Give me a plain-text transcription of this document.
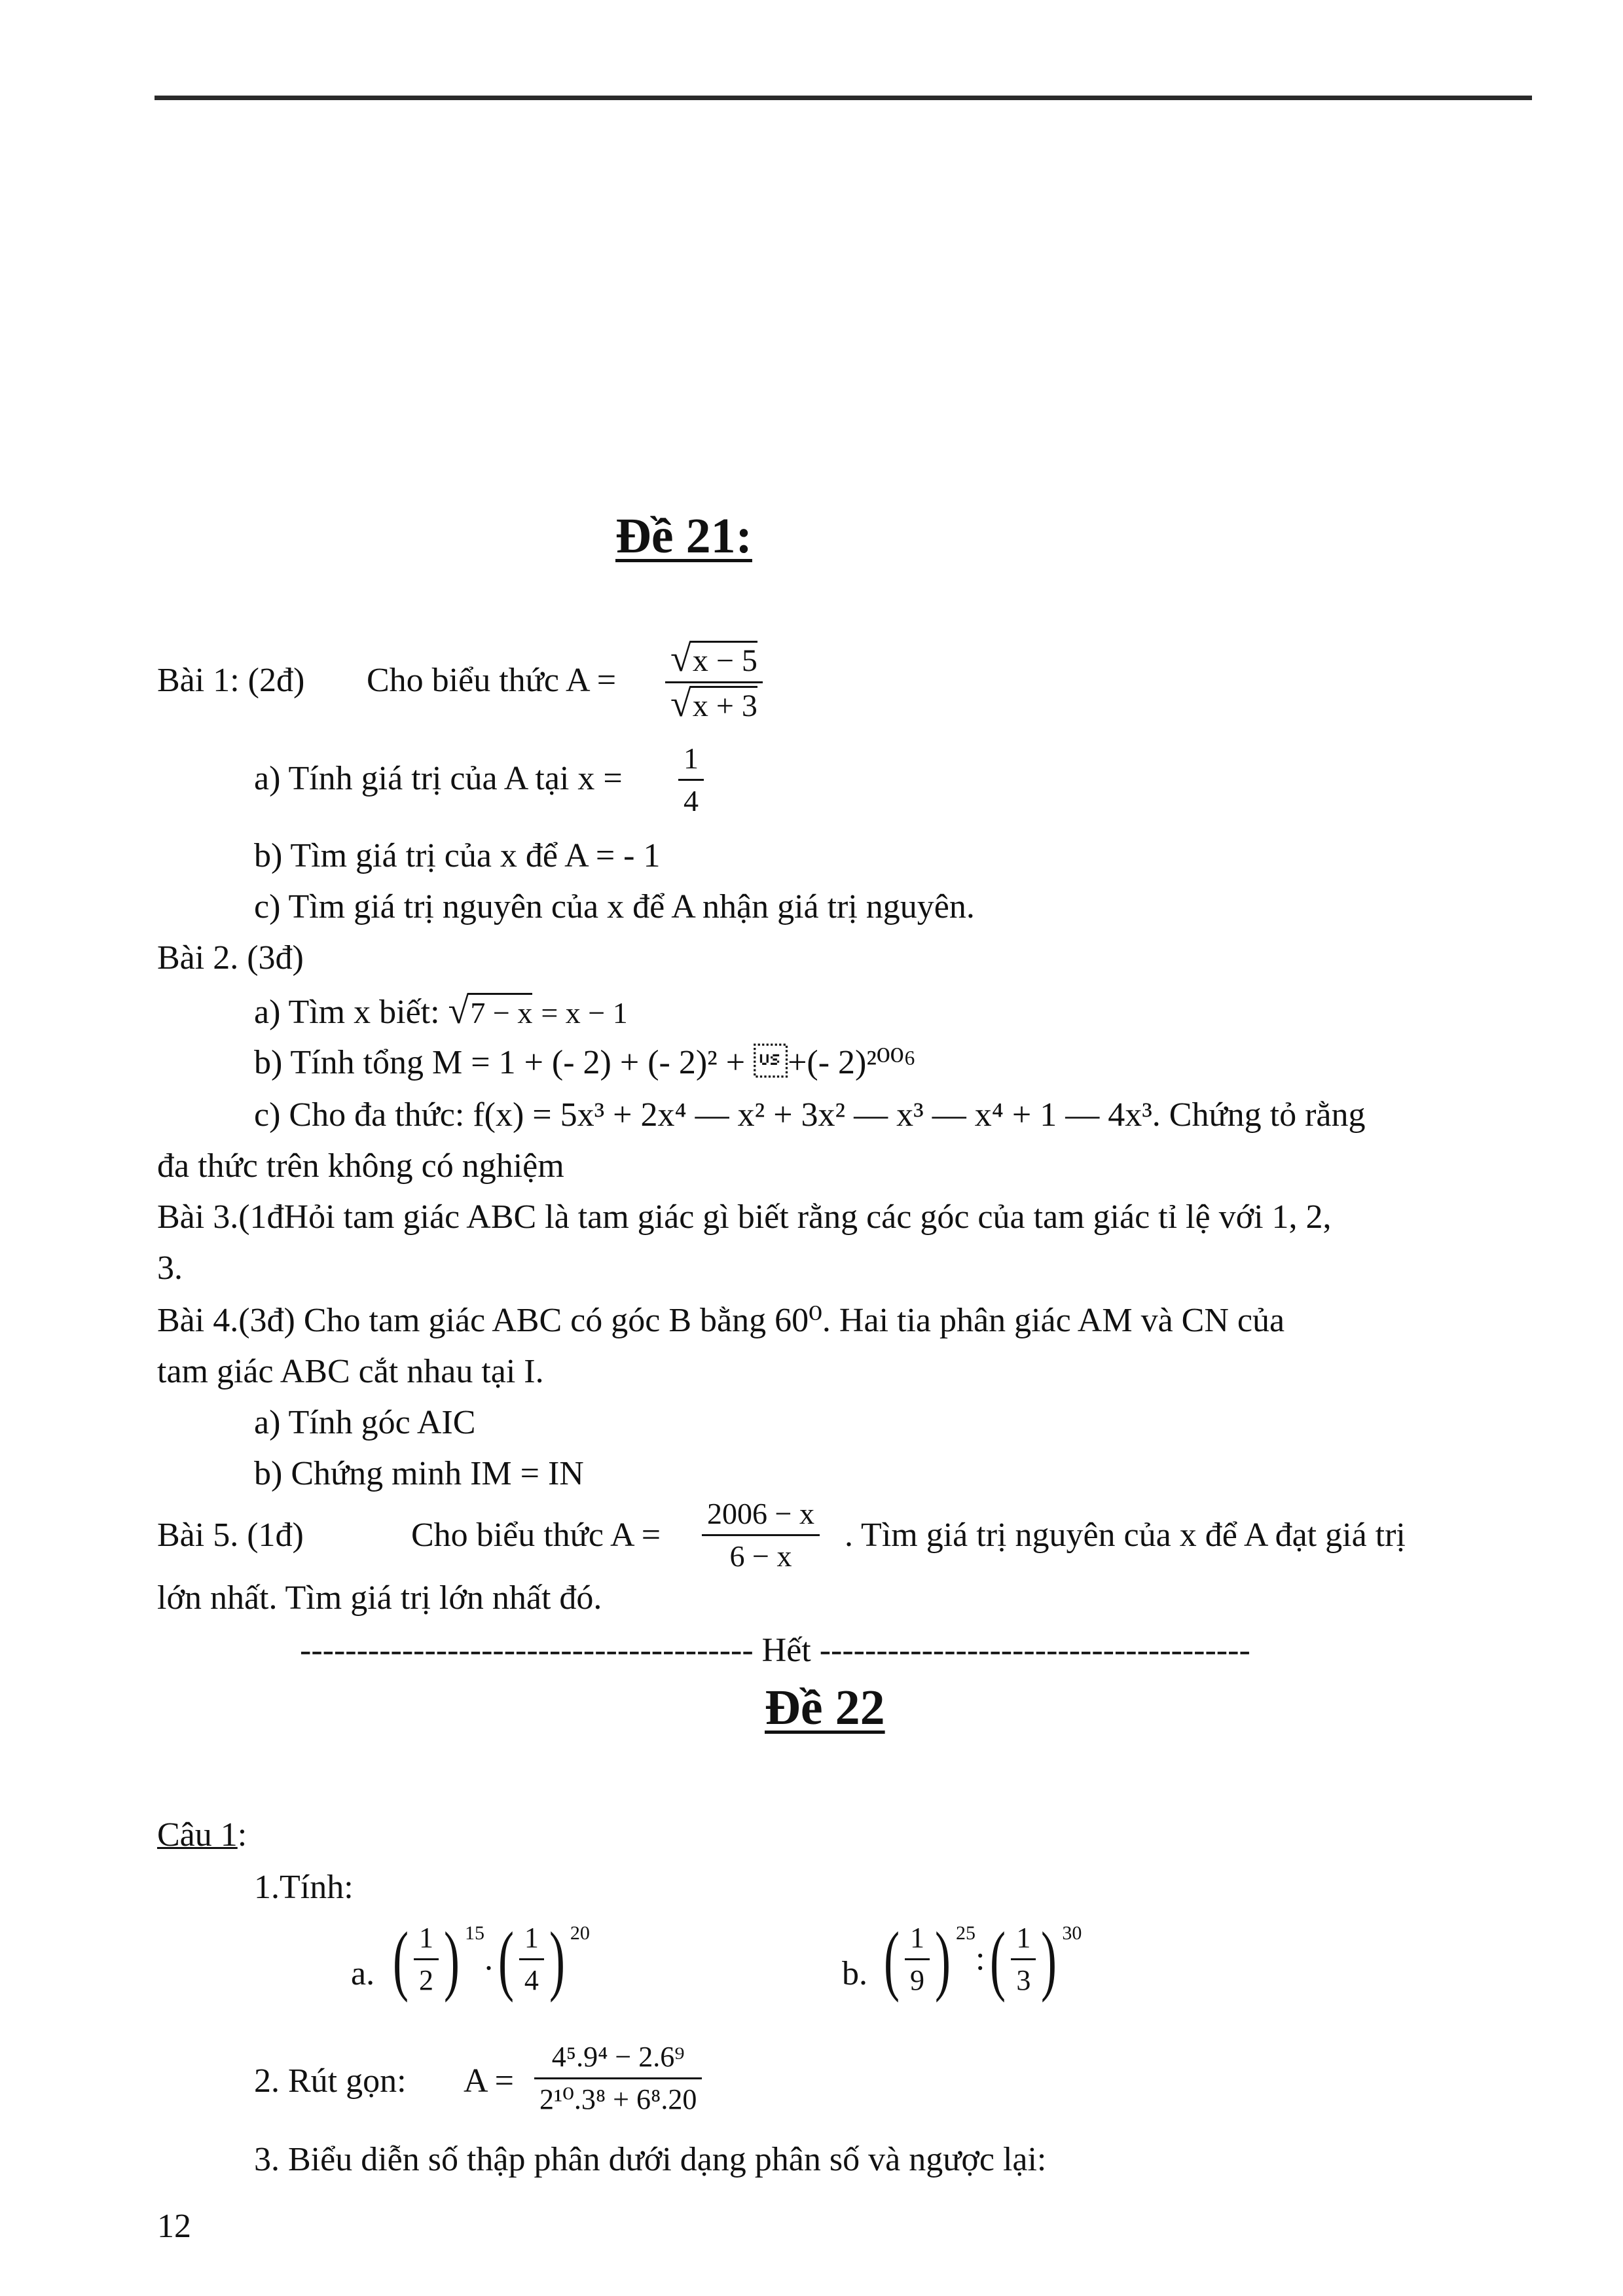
Đề 21:
Bài 1: (2đ) Cho biểu thức $A = \frac{√x - 5}{√x + 3}$
a) Tính giá trị của A tại $x = \frac{1}{4}$
b) Tìm giá trị của x để A = - 1
c) Tìm giá trị nguyên của x để A nhận giá trị nguyên.
Bài 2. (3đ)
a) Tìm x biết: √7 − x = x − 1
b) Tính tổng M = 1 + (- 2) + (- 2)² + +(- 2)²⁰⁰⁶
c) Cho đa thức: f(x) = 5x³ + 2x⁴ — x² + 3x² — x³ — x⁴ + 1 — 4x³. Chứng tỏ rằng
đa thức trên không có nghiệm
Bài 3.(1đHỏi tam giác ABC là tam giác gì biết rằng các góc của tam giác tỉ lệ với 1, 2,
3.
Bài 4.(3đ) Cho tam giác ABC có góc B bằng 60⁰. Hai tia phân giác AM và CN của
tam giác ABC cắt nhau tại I.
a) Tính góc AIC
b) Chứng minh IM = IN
Bài 5. (1đ)	Cho biểu thức $A = \frac{2006 - x}{6 - x}$ . Tìm giá trị nguyên của x để A đạt giá trị
lớn nhất. Tìm giá trị lớn nhất đó.
---------------------------------------- Hết --------------------------------------
Đề 22
Câu 1:
1.Tính:
a. ( $\frac{1}{2}$ ) $15.( \frac{1}{4}$ ) 20
b. ( $\frac{1}{9}$ ) 25:( $\frac{1}{3}$ ) 30
2. Rút gọn: $A = \frac{\text{4⁵.9⁴ − 2.6⁹}}{\text{2¹⁰.3⁸ + 6⁸.20}}$
3. Biểu diễn số thập phân dưới dạng phân số và ngược lại:
12
